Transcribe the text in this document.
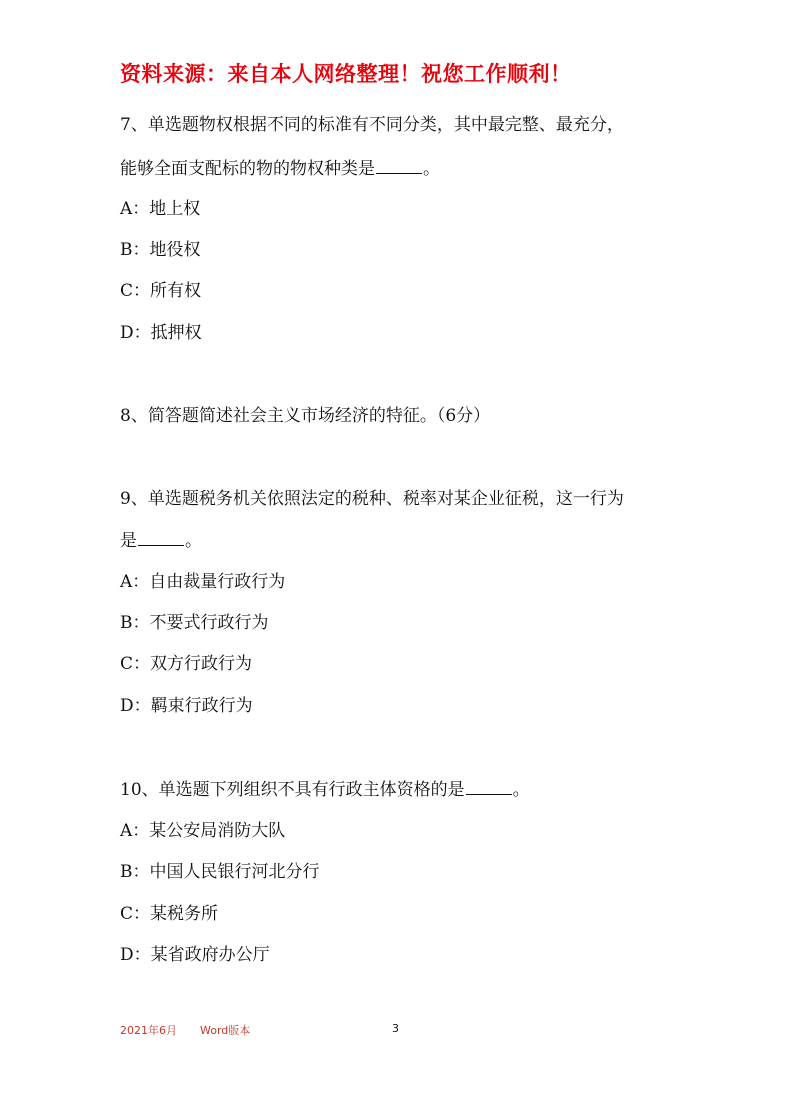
资料来源：来自本人网络整理！祝您工作顺利！
7、单选题物权根据不同的标准有不同分类，其中最完整、最充分，
能够全面支配标的物的物权种类是	。
A：地上权
B：地役权
C：所有权
D：抵押权
8、简答题简述社会主义市场经济的特征。（6分）
9、单选题税务机关依照法定的税种、税率对某企业征税，这一行为
是	。
A：自由裁量行政行为
B：不要式行政行为
C：双方行政行为
D：羁束行政行为
10、单选题下列组织不具有行政主体资格的是	。
A：某公安局消防大队
B：中国人民银行河北分行
C：某税务所
D：某省政府办公厅
2021年6月 Word版本	3
